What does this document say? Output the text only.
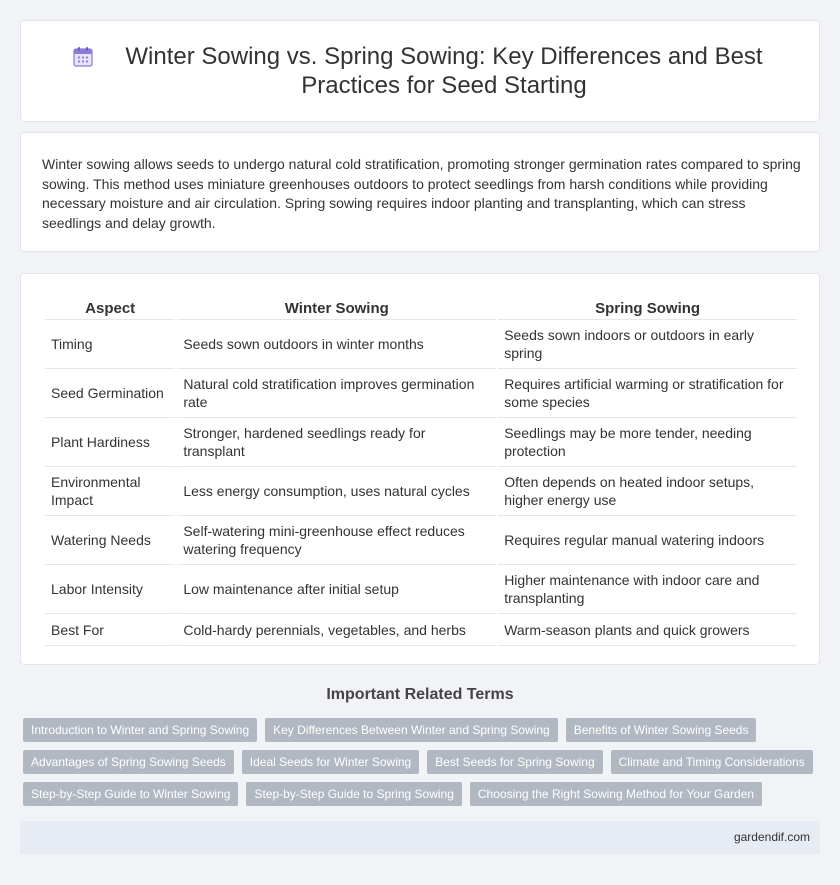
Winter Sowing vs. Spring Sowing: Key Differences and Best Practices for Seed Starting

Winter sowing allows seeds to undergo natural cold stratification, promoting stronger germination rates compared to spring sowing. This method uses miniature greenhouses outdoors to protect seedlings from harsh conditions while providing necessary moisture and air circulation. Spring sowing requires indoor planting and transplanting, which can stress seedlings and delay growth.

Aspect	Winter Sowing	Spring Sowing
Timing	Seeds sown outdoors in winter months	Seeds sown indoors or outdoors in early spring
Seed Germination	Natural cold stratification improves germination rate	Requires artificial warming or stratification for some species
Plant Hardiness	Stronger, hardened seedlings ready for transplant	Seedlings may be more tender, needing protection
Environmental Impact	Less energy consumption, uses natural cycles	Often depends on heated indoor setups, higher energy use
Watering Needs	Self-watering mini-greenhouse effect reduces watering frequency	Requires regular manual watering indoors
Labor Intensity	Low maintenance after initial setup	Higher maintenance with indoor care and transplanting
Best For	Cold-hardy perennials, vegetables, and herbs	Warm-season plants and quick growers
Important Related Terms
Introduction to Winter and Spring Sowing	Key Differences Between Winter and Spring Sowing	Benefits of Winter Sowing Seeds
Advantages of Spring Sowing Seeds	Ideal Seeds for Winter Sowing	Best Seeds for Spring Sowing	Climate and Timing Considerations
Step-by-Step Guide to Winter Sowing	Step-by-Step Guide to Spring Sowing	Choosing the Right Sowing Method for Your Garden
gardendif.com
